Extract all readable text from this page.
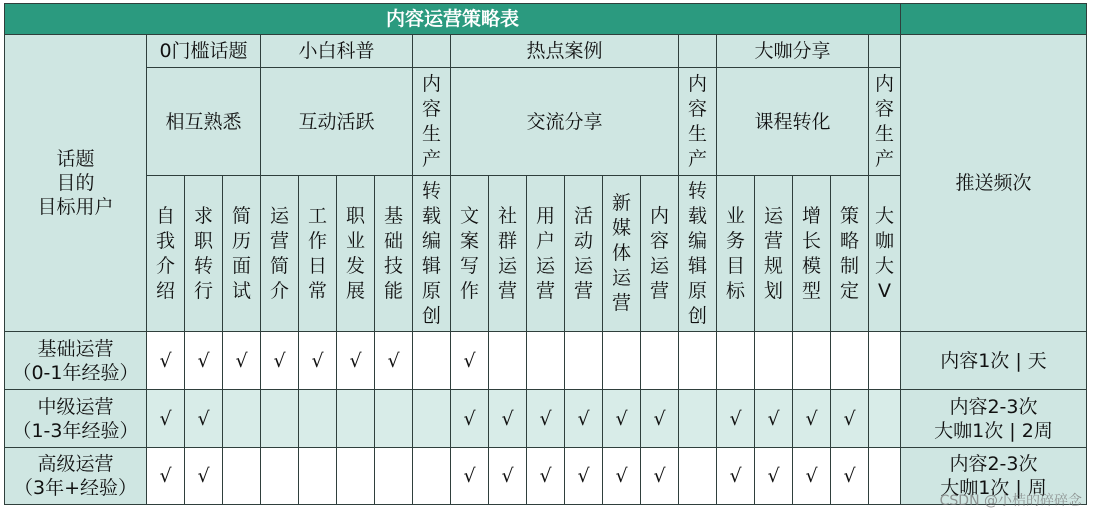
内容运营策略表																					

话题
目的
目标用户	0门槛话题			小白科普					热点案例							大咖分享					推送频次

	相互熟悉			互动活跃				内容生产	交流分享						内容生产	课程转化				内容生产	
	自我介绍	求职转行	简历面试	运营简介	工作日常	职业发展	基础技能	转载编辑原创	文案写作	社群运营	用户运营	活动运营	新媒体运营	内容运营	转载编辑原创	业务目标	运营规划	增长模型	策略制定	大咖大V	

基础运营
（0-1年经验）	√	√	√	√	√	√	√		√												内容1次 | 天

中级运营
（1-3年经验）	√	√							√	√	√	√	√	√		√	√	√	√		内容2-3次
大咖1次 | 2周

高级运营
（3年+经验）	√	√							√	√	√	√	√	√		√	√	√	√		内容2-3次
大咖1次 | 周
CSDN @小桔的碎碎念
